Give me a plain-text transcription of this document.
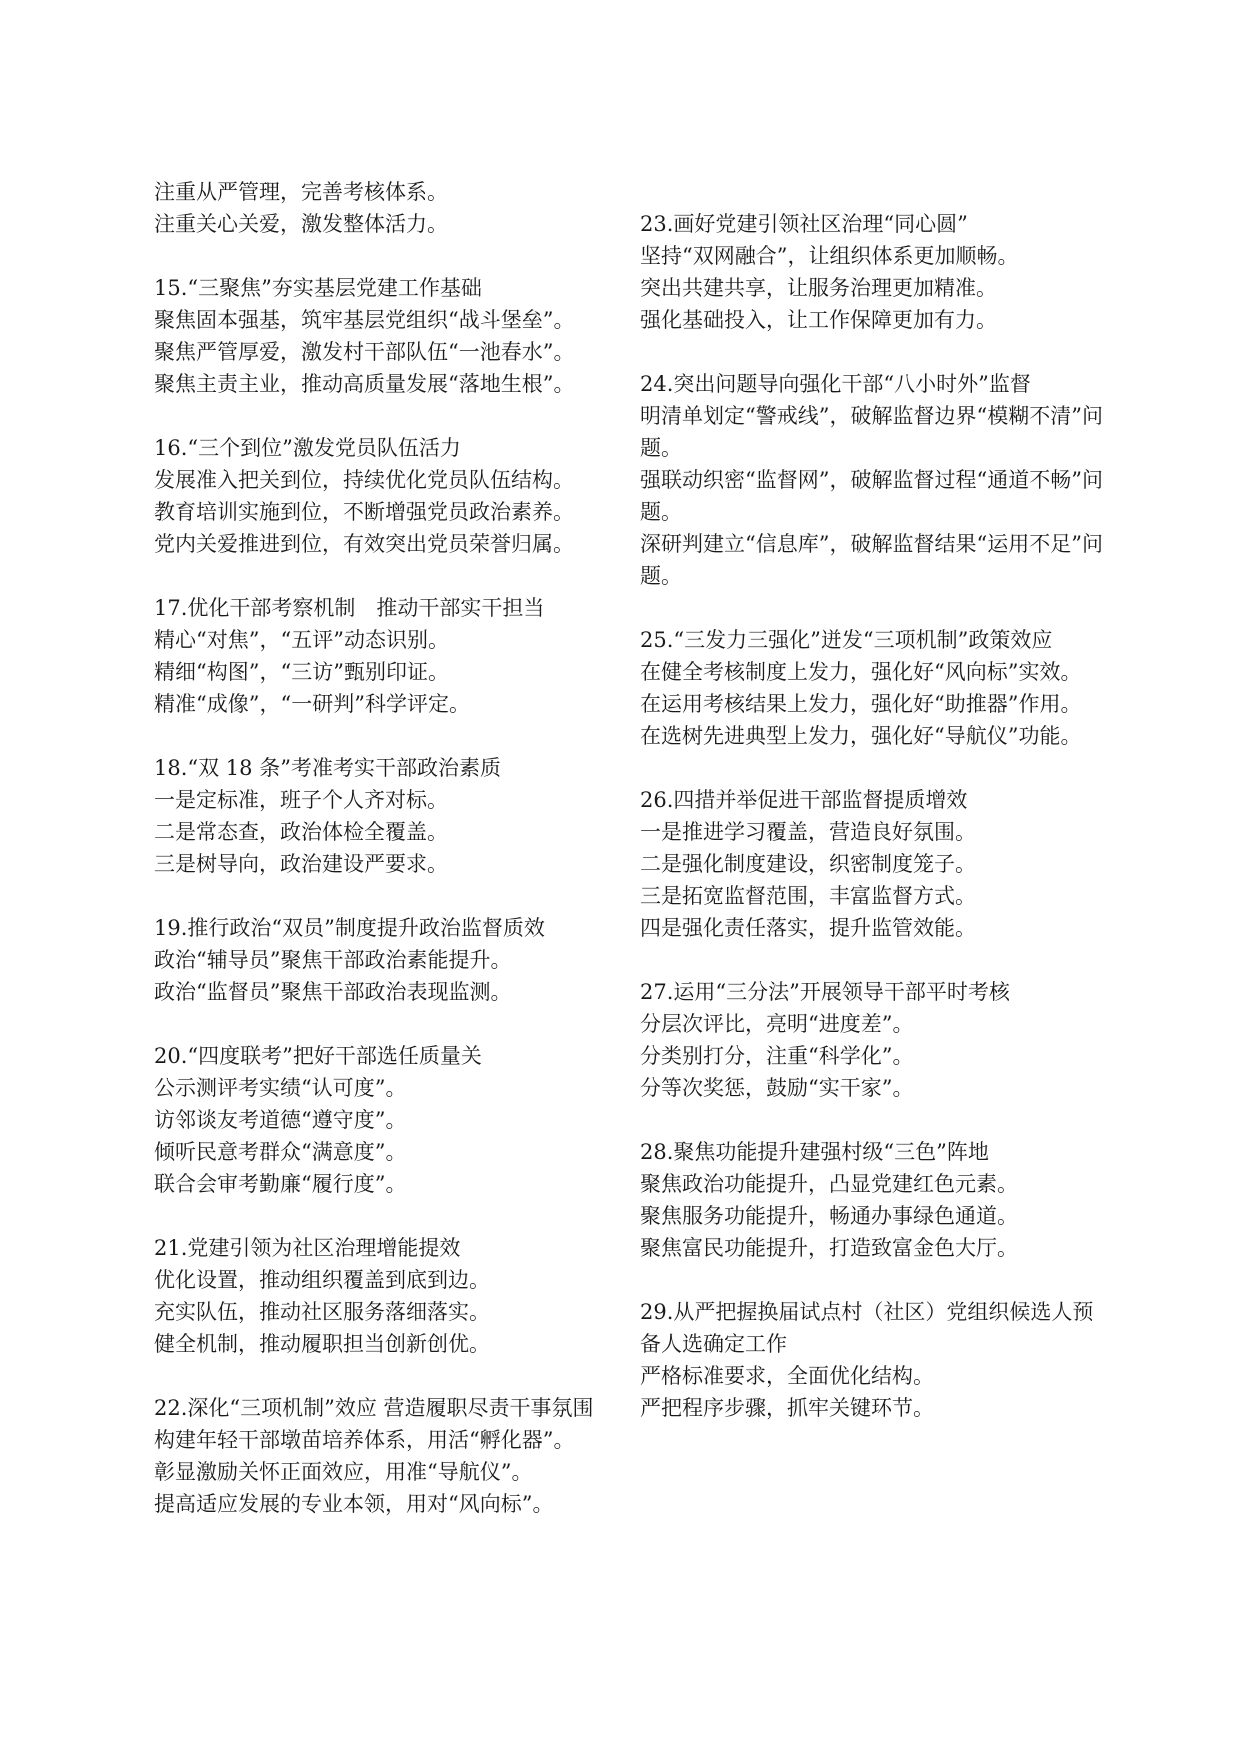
注重从严管理，完善考核体系。
注重关心关爱，激发整体活力。
15.“三聚焦”夯实基层党建工作基础
聚焦固本强基，筑牢基层党组织“战斗堡垒”。
聚焦严管厚爱，激发村干部队伍“一池春水”。
聚焦主责主业，推动高质量发展“落地生根”。
16.“三个到位”激发党员队伍活力
发展准入把关到位，持续优化党员队伍结构。
教育培训实施到位，不断增强党员政治素养。
党内关爱推进到位，有效突出党员荣誉归属。
17.优化干部考察机制　推动干部实干担当
精心“对焦”，“五评”动态识别。
精细“构图”，“三访”甄别印证。
精准“成像”，“一研判”科学评定。
18.“双 18 条”考准考实干部政治素质
一是定标准，班子个人齐对标。
二是常态查，政治体检全覆盖。
三是树导向，政治建设严要求。
19.推行政治“双员”制度提升政治监督质效
政治“辅导员”聚焦干部政治素能提升。
政治“监督员”聚焦干部政治表现监测。
20.“四度联考”把好干部选任质量关
公示测评考实绩“认可度”。
访邻谈友考道德“遵守度”。
倾听民意考群众“满意度”。
联合会审考勤廉“履行度”。
21.党建引领为社区治理增能提效
优化设置，推动组织覆盖到底到边。
充实队伍，推动社区服务落细落实。
健全机制，推动履职担当创新创优。
22.深化“三项机制”效应 营造履职尽责干事氛围
构建年轻干部墩苗培养体系，用活“孵化器”。
彰显激励关怀正面效应，用准“导航仪”。
提高适应发展的专业本领，用对“风向标”。
23.画好党建引领社区治理“同心圆”
坚持“双网融合”，让组织体系更加顺畅。
突出共建共享，让服务治理更加精准。
强化基础投入，让工作保障更加有力。
24.突出问题导向强化干部“八小时外”监督
明清单划定“警戒线”，破解监督边界“模糊不清”问题。
强联动织密“监督网”，破解监督过程“通道不畅”问题。
深研判建立“信息库”，破解监督结果“运用不足”问题。
25.“三发力三强化”迸发“三项机制”政策效应
在健全考核制度上发力，强化好“风向标”实效。
在运用考核结果上发力，强化好“助推器”作用。
在选树先进典型上发力，强化好“导航仪”功能。
26.四措并举促进干部监督提质增效
一是推进学习覆盖，营造良好氛围。
二是强化制度建设，织密制度笼子。
三是拓宽监督范围，丰富监督方式。
四是强化责任落实，提升监管效能。
27.运用“三分法”开展领导干部平时考核
分层次评比，亮明“进度差”。
分类别打分，注重“科学化”。
分等次奖惩，鼓励“实干家”。
28.聚焦功能提升建强村级“三色”阵地
聚焦政治功能提升，凸显党建红色元素。
聚焦服务功能提升，畅通办事绿色通道。
聚焦富民功能提升，打造致富金色大厅。
29.从严把握换届试点村（社区）党组织候选人预备人选确定工作
严格标准要求，全面优化结构。
严把程序步骤，抓牢关键环节。
